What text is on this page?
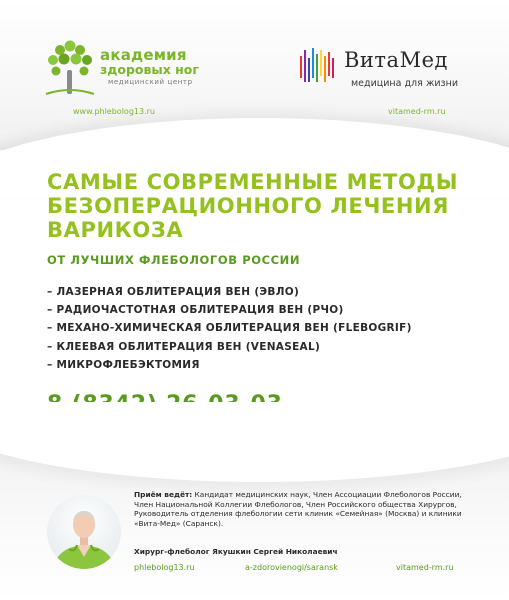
академия
здоровых ног
медицинский центр
www.phlebolog13.ru
ВитаМед
медицина для жизни
vitamed-rm.ru
САМЫЕ СОВРЕМЕННЫЕ МЕТОДЫ
БЕЗОПЕРАЦИОННОГО ЛЕЧЕНИЯ
ВАРИКОЗА
ОТ ЛУЧШИХ ФЛЕБОЛОГОВ РОССИИ
– ЛАЗЕРНАЯ ОБЛИТЕРАЦИЯ ВЕН (ЭВЛО)
– РАДИОЧАСТОТНАЯ ОБЛИТЕРАЦИЯ ВЕН (РЧО)
– МЕХАНО-ХИМИЧЕСКАЯ ОБЛИТЕРАЦИЯ ВЕН (FLEBOGRIF)
– КЛЕЕВАЯ ОБЛИТЕРАЦИЯ ВЕН (VENASEAL)
– МИКРОФЛЕБЭКТОМИЯ
Приём ведёт: Кандидат медицинских наук, Член Ассоциации Флебологов России, Член Национальной Коллегии Флебологов, Член Российского общества Хирургов, Руководитель отделения флебологии сети клиник «Семейная» (Москва) и клиники «Вита-Мед» (Саранск).
Хирург-флеболог Якушкин Сергей Николаевич
phlebolog13.ru	a-zdorovienogi/saransk	vitamed-rm.ru
